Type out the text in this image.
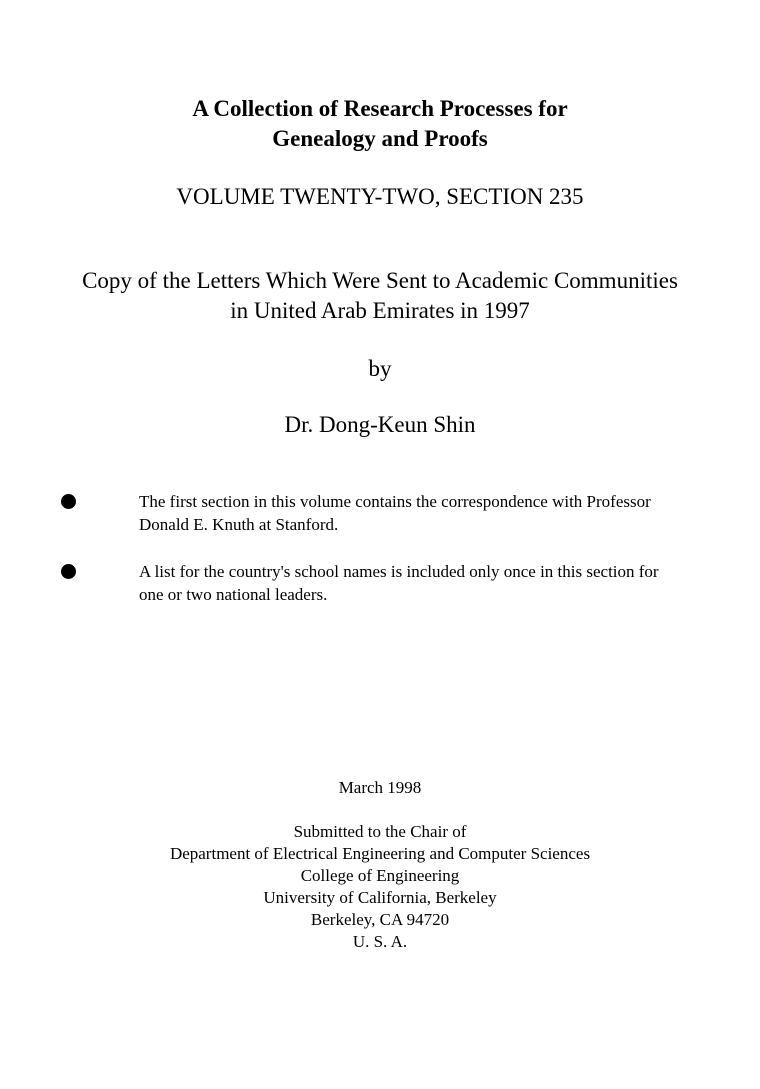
A Collection of Research Processes for
Genealogy and Proofs
VOLUME TWENTY-TWO, SECTION 235
Copy of the Letters Which Were Sent to Academic Communities
in United Arab Emirates in 1997
by
Dr. Dong-Keun Shin
The first section in this volume contains the correspondence with Professor
Donald E. Knuth at Stanford.
A list for the country's school names is included only once in this section for
one or two national leaders.
March 1998
Submitted to the Chair of
Department of Electrical Engineering and Computer Sciences
College of Engineering
University of California, Berkeley
Berkeley, CA 94720
U. S. A.
